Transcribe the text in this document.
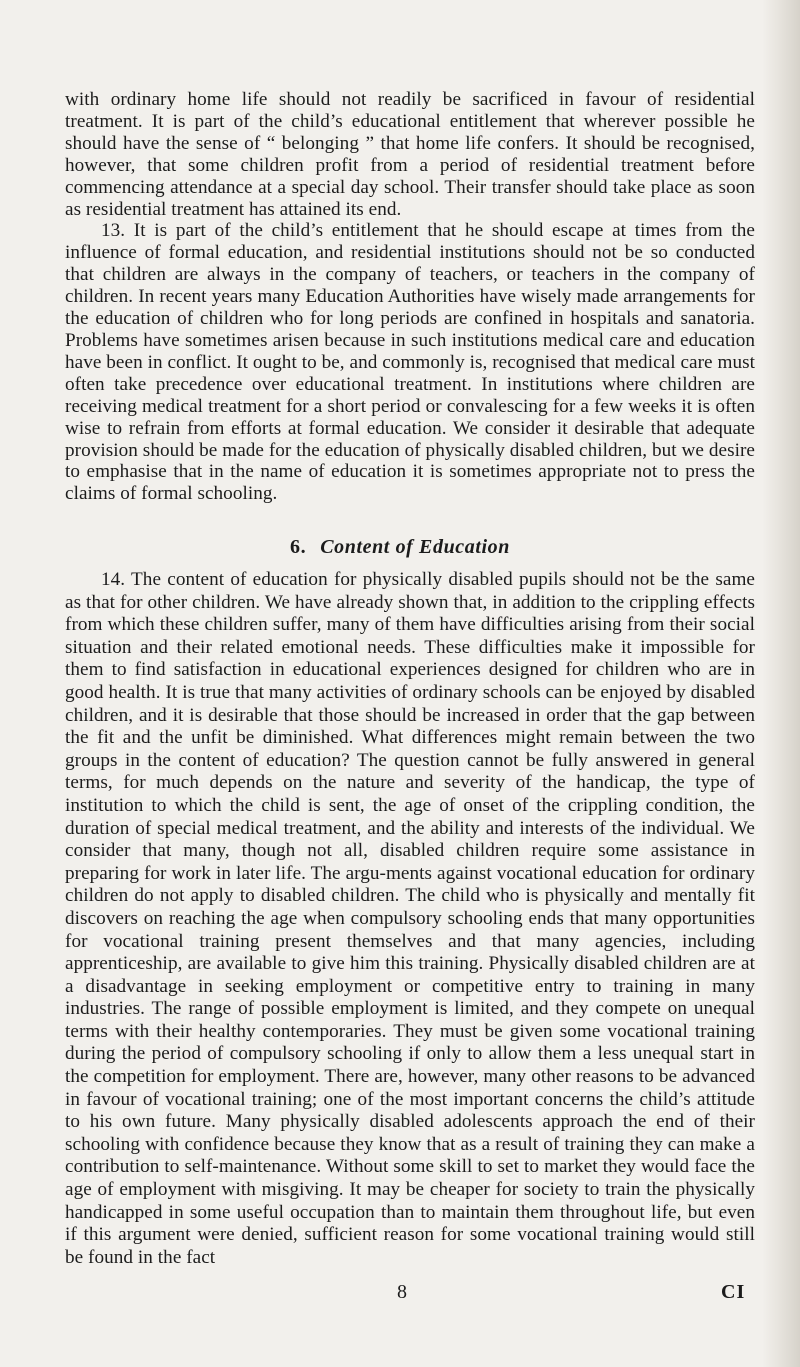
with ordinary home life should not readily be sacrificed in favour of residential treatment. It is part of the child’s educational entitlement that wherever possible he should have the sense of “ belonging ” that home life confers. It should be recognised, however, that some children profit from a period of residential treatment before commencing attendance at a special day school. Their transfer should take place as soon as residential treatment has attained its end.

13. It is part of the child’s entitlement that he should escape at times from the influence of formal education, and residential institutions should not be so conducted that children are always in the company of teachers, or teachers in the company of children. In recent years many Education Authorities have wisely made arrangements for the education of children who for long periods are confined in hospitals and sanatoria. Problems have sometimes arisen because in such institutions medical care and education have been in conflict. It ought to be, and commonly is, recognised that medical care must often take precedence over educational treatment. In institutions where children are receiving medical treatment for a short period or convalescing for a few weeks it is often wise to refrain from efforts at formal education. We consider it desirable that adequate provision should be made for the education of physically disabled children, but we desire to emphasise that in the name of education it is sometimes appropriate not to press the claims of formal schooling.

6. Content of Education

14. The content of education for physically disabled pupils should not be the same as that for other children. We have already shown that, in addition to the crippling effects from which these children suffer, many of them have difficulties arising from their social situation and their related emotional needs. These difficulties make it impossible for them to find satisfaction in educational experiences designed for children who are in good health. It is true that many activities of ordinary schools can be enjoyed by disabled children, and it is desirable that those should be increased in order that the gap between the fit and the unfit be diminished. What differences might remain between the two groups in the content of education? The question cannot be fully answered in general terms, for much depends on the nature and severity of the handicap, the type of institution to which the child is sent, the age of onset of the crippling condition, the duration of special medical treatment, and the ability and interests of the individual. We consider that many, though not all, disabled children require some assistance in preparing for work in later life. The argu-ments against vocational education for ordinary children do not apply to disabled children. The child who is physically and mentally fit discovers on reaching the age when compulsory schooling ends that many opportunities for vocational training present themselves and that many agencies, including apprenticeship, are available to give him this training. Physically disabled children are at a disadvantage in seeking employment or competitive entry to training in many industries. The range of possible employment is limited, and they compete on unequal terms with their healthy contemporaries. They must be given some vocational training during the period of compulsory schooling if only to allow them a less unequal start in the competition for employment. There are, however, many other reasons to be advanced in favour of vocational training; one of the most important concerns the child’s attitude to his own future. Many physically disabled adolescents approach the end of their schooling with confidence because they know that as a result of training they can make a contribution to self-maintenance. Without some skill to set to market they would face the age of employment with misgiving. It may be cheaper for society to train the physically handicapped in some useful occupation than to maintain them throughout life, but even if this argument were denied, sufficient reason for some vocational training would still be found in the fact

8	CI
